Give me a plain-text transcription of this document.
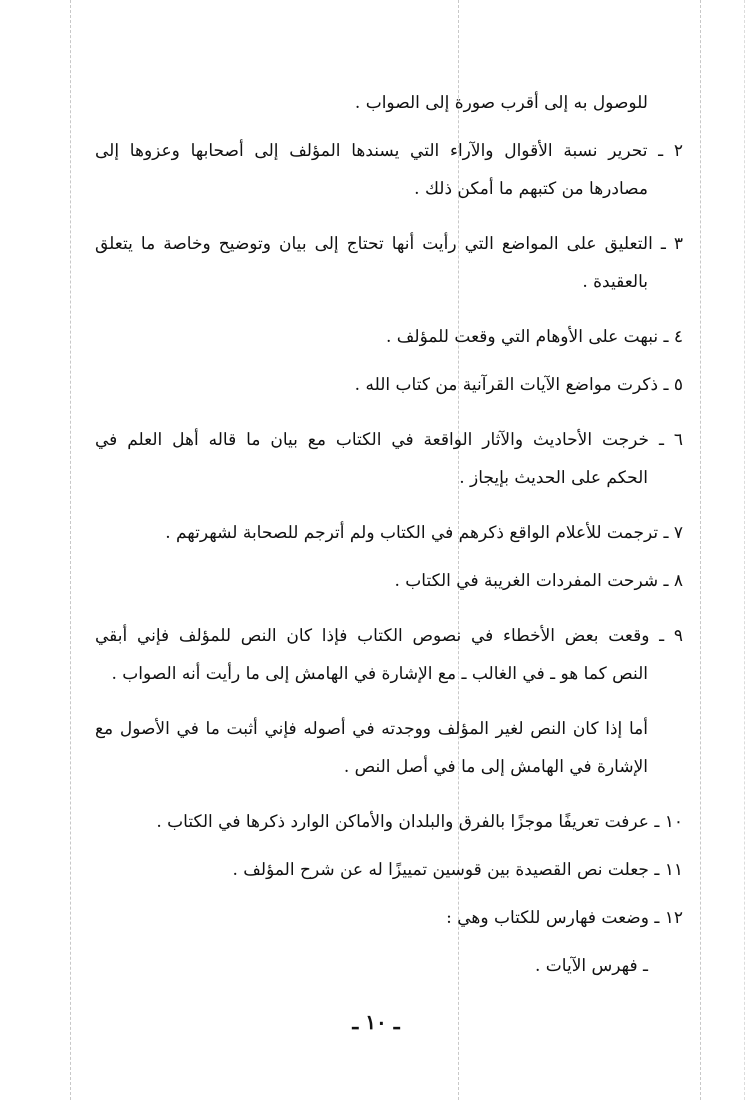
للوصول به إلى أقرب صورة إلى الصواب .
٢ ـ تحرير نسبة الأقوال والآراء التي يسندها المؤلف إلى أصحابها وعزوها إلى
مصادرها من كتبهم ما أمكن ذلك .
٣ ـ التعليق على المواضع التي رأيت أنها تحتاج إلى بيان وتوضيح وخاصة ما يتعلق
بالعقيدة .
٤ ـ نبهت على الأوهام التي وقعت للمؤلف .
٥ ـ ذكرت مواضع الآيات القرآنية من كتاب الله .
٦ ـ خرجت الأحاديث والآثار الواقعة في الكتاب مع بيان ما قاله أهل العلم في
الحكم على الحديث بإيجاز .
٧ ـ ترجمت للأعلام الواقع ذكرهم في الكتاب ولم أترجم للصحابة لشهرتهم .
٨ ـ شرحت المفردات الغريبة في الكتاب .
٩ ـ وقعت بعض الأخطاء في نصوص الكتاب فإذا كان النص للمؤلف فإني أبقي
النص كما هو ـ في الغالب ـ مع الإشارة في الهامش إلى ما رأيت أنه الصواب .
أما إذا كان النص لغير المؤلف ووجدته في أصوله فإني أثبت ما في الأصول مع
الإشارة في الهامش إلى ما في أصل النص .
١٠ ـ عرفت تعريفًا موجزًا بالفرق والبلدان والأماكن الوارد ذكرها في الكتاب .
١١ ـ جعلت نص القصيدة بين قوسين تمييزًا له عن شرح المؤلف .
١٢ ـ وضعت فهارس للكتاب وهي :
ـ فهرس الآيات .
ـ ١٠ ـ
